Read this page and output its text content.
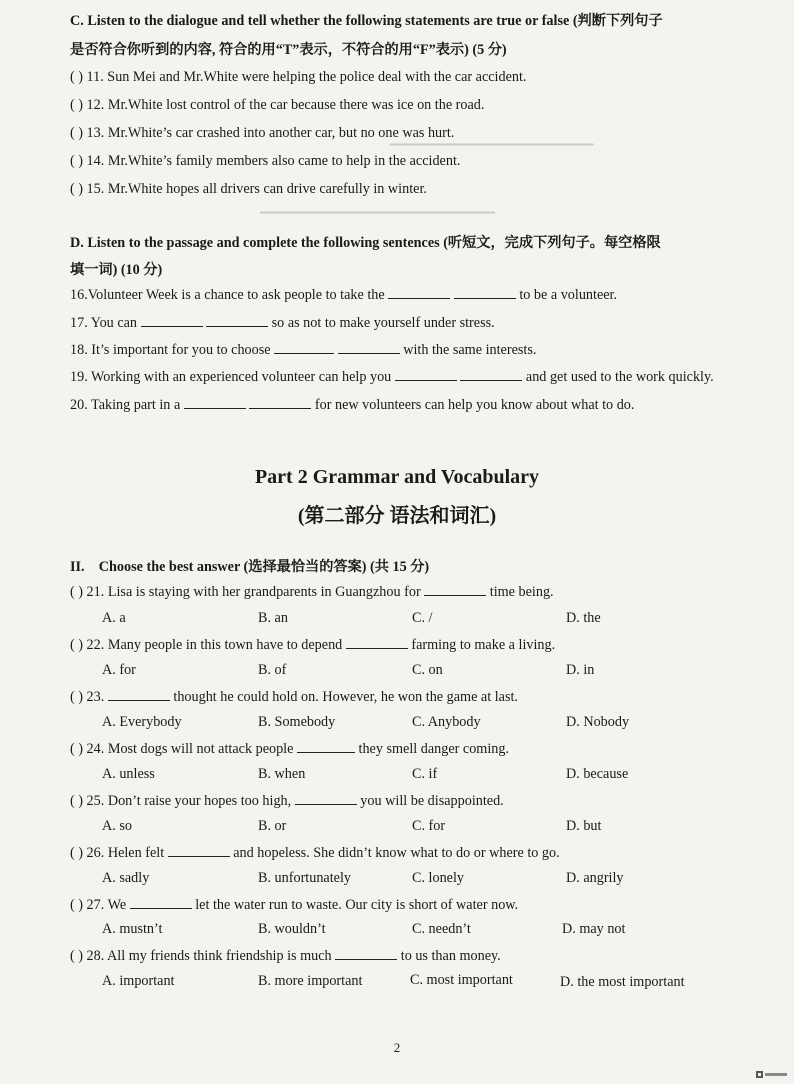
━━━━━━━━━━━━━━━━━━━━━━━━━━
━━━━━━━━━━━━━━━━━━━━━━━━━━━━━━
C. Listen to the dialogue and tell whether the following statements are true or false (判断下列句子
是否符合你听到的内容, 符合的用“T”表示，不符合的用“F”表示) (5 分)
( ) 11. Sun Mei and Mr.White were helping the police deal with the car accident.
( ) 12. Mr.White lost control of the car because there was ice on the road.
( ) 13. Mr.White’s car crashed into another car, but no one was hurt.
( ) 14. Mr.White’s family members also came to help in the accident.
( ) 15. Mr.White hopes all drivers can drive carefully in winter.
D. Listen to the passage and complete the following sentences (听短文，完成下列句子。每空格限
填一词) (10 分)
16.Volunteer Week is a chance to ask people to take the	to be a volunteer.
17. You can	so as not to make yourself under stress.
18. It’s important for you to choose	with the same interests.
19. Working with an experienced volunteer can help you	and get used to the work quickly.
20. Taking part in a	for new volunteers can help you know about what to do.
Part 2 Grammar and Vocabulary
(第二部分 语法和词汇)
II. Choose the best answer (选择最恰当的答案) (共 15 分)
( ) 21. Lisa is staying with her grandparents in Guangzhou for	time being.
A. a	B. an	C. /	D. the
( ) 22. Many people in this town have to depend	farming to make a living.
A. for	B. of	C. on	D. in
( ) 23.	thought he could hold on. However, he won the game at last.
A. Everybody	B. Somebody	C. Anybody	D. Nobody
( ) 24. Most dogs will not attack people	they smell danger coming.
A. unless	B. when	C. if	D. because
( ) 25. Don’t raise your hopes too high,	you will be disappointed.
A. so	B. or	C. for	D. but
( ) 26. Helen felt	and hopeless. She didn’t know what to do or where to go.
A. sadly	B. unfortunately	C. lonely	D. angrily
( ) 27. We	let the water run to waste. Our city is short of water now.
A. mustn’t	B. wouldn’t	C. needn’t	D. may not
( ) 28. All my friends think friendship is much	to us than money.
A. important	B. more important	C. most important	D. the most important
2
